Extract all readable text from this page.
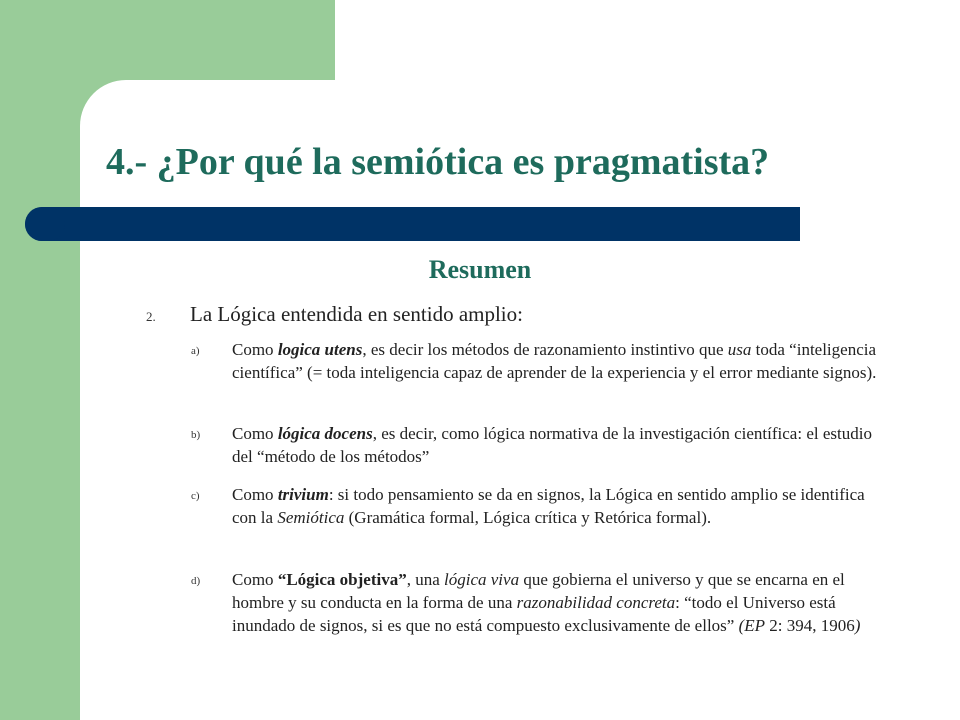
4.- ¿Por qué la semiótica es pragmatista?
Resumen
2. La Lógica entendida en sentido amplio:
a) Como logica utens, es decir los métodos de razonamiento instintivo que usa toda “inteligencia científica” (= toda inteligencia capaz de aprender de la experiencia y el error mediante signos).
b) Como lógica docens, es decir, como lógica normativa de la investigación científica: el estudio del “método de los métodos”
c) Como trivium: si todo pensamiento se da en signos, la Lógica en sentido amplio se identifica con la Semiótica (Gramática formal, Lógica crítica y Retórica formal).
d) Como “Lógica objetiva”, una lógica viva que gobierna el universo y que se encarna en el hombre y su conducta en la forma de una razonabilidad concreta: “todo el Universo está inundado de signos, si es que no está compuesto exclusivamente de ellos” (EP 2: 394, 1906)
